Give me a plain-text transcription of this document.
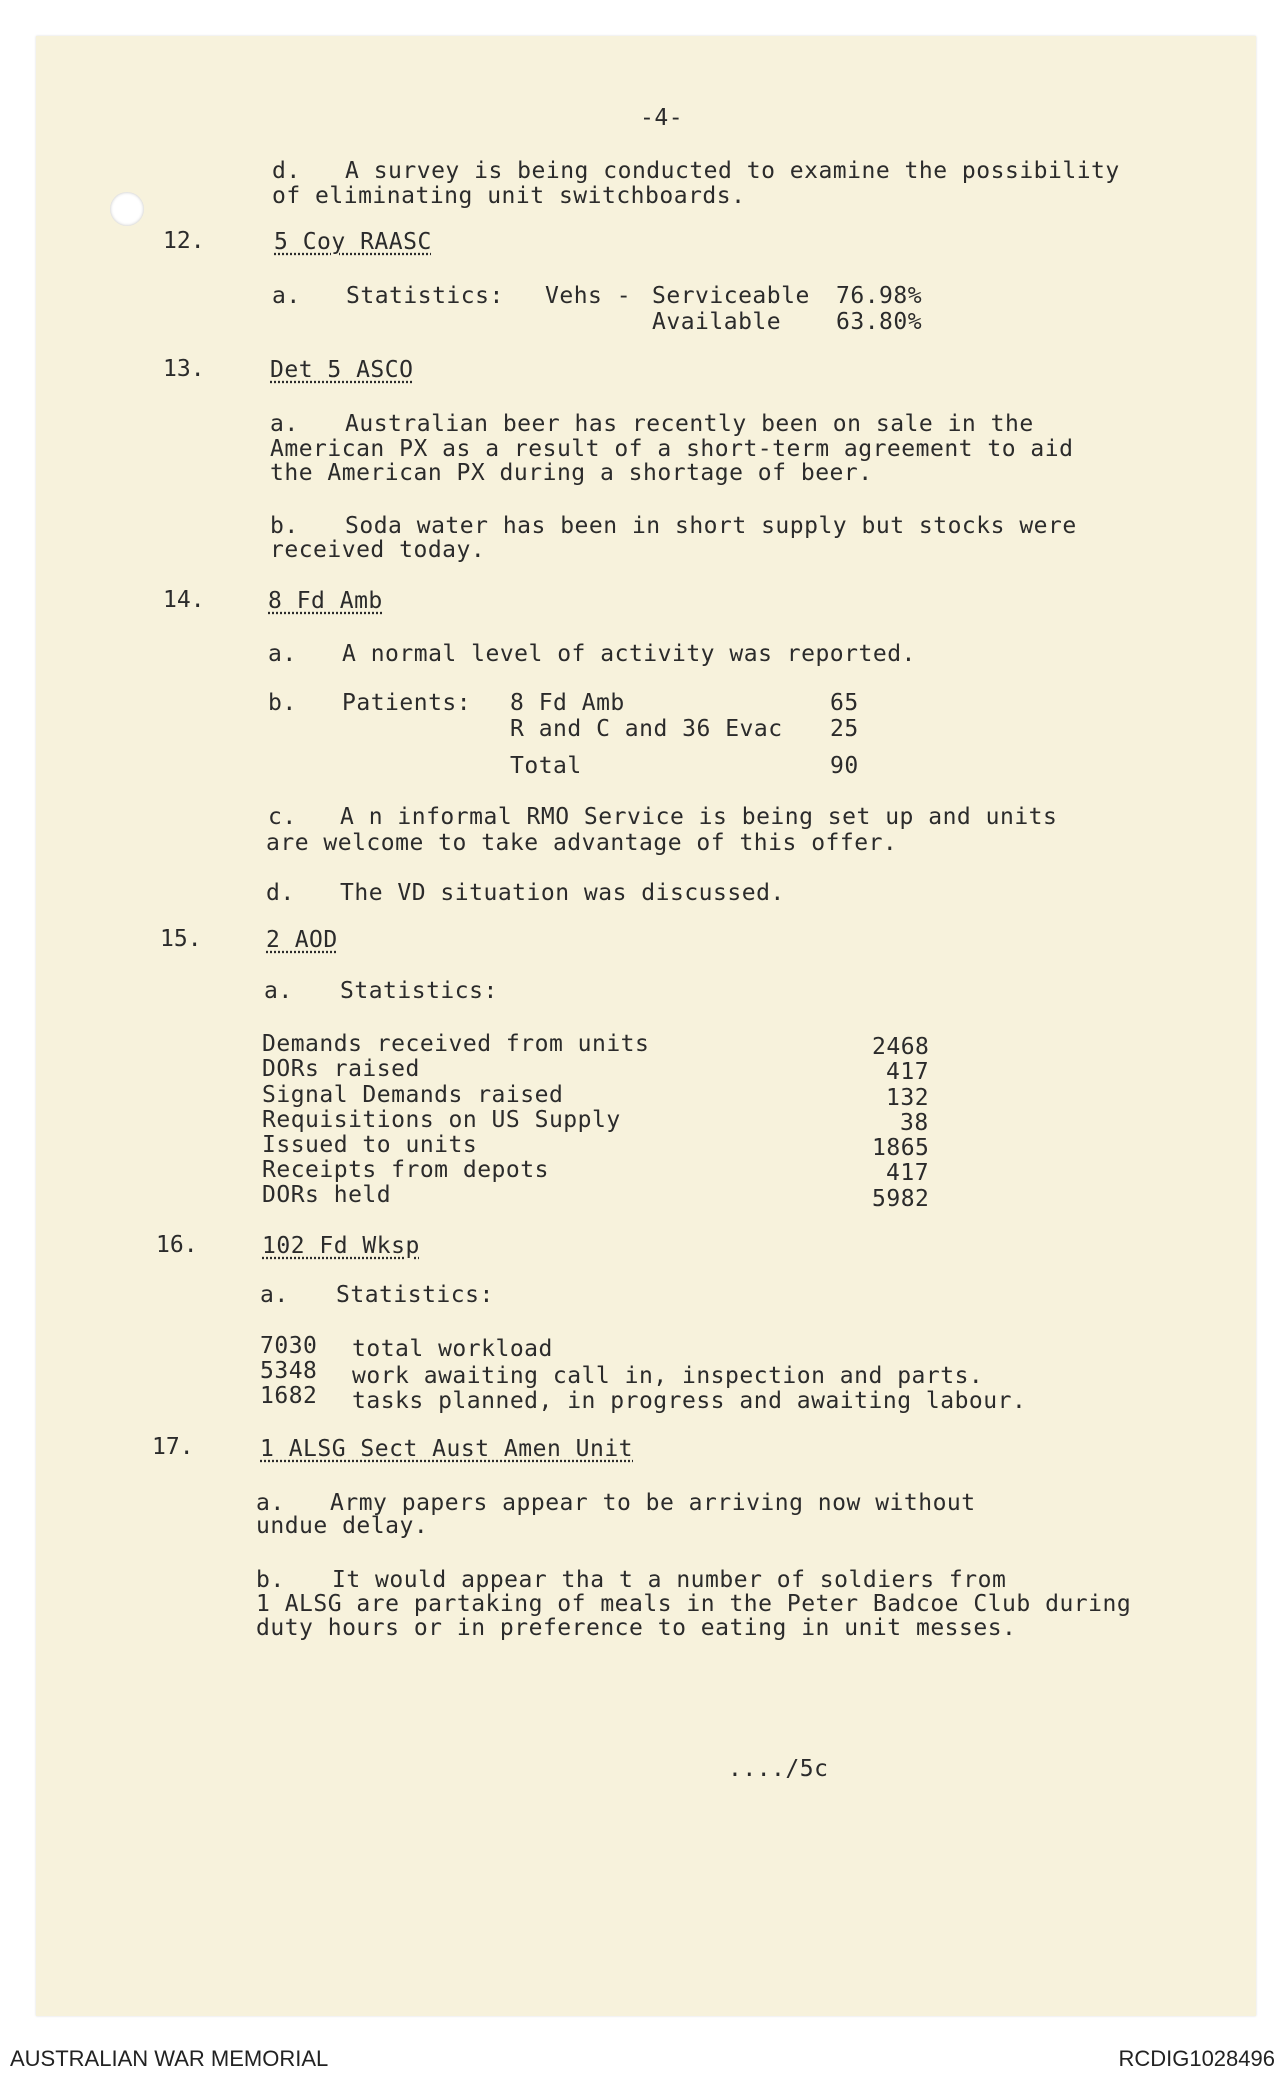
-4-
d. A survey is being conducted to examine the possibility
of eliminating unit switchboards.
12.	5 Coy RAASC
a. Statistics: Vehs - Serviceable 76.98%
Available 63.80%
13.	Det 5 ASCO
a. Australian beer has recently been on sale in the
American PX as a result of a short-term agreement to aid
the American PX during a shortage of beer.
b. Soda water has been in short supply but stocks were
received today.
14.	8 Fd Amb
a. A normal level of activity was reported.
b. Patients: 8 Fd Amb	65
R and C and 36 Evac 25
Total	90
c. A n informal RMO Service is being set up and units
are welcome to take advantage of this offer.
d. The VD situation was discussed.
15.	2 AOD
a. Statistics:
Demands received from units	2468
DORs raised	417
Signal Demands raised	132
Requisitions on US Supply	38
Issued to units	1865
Receipts from depots	417
DORs held	5982
16.	102 Fd Wksp
a. Statistics:
7030 total workload
5348 work awaiting call in, inspection and parts.
1682 tasks planned, in progress and awaiting labour.
17.	1 ALSG Sect Aust Amen Unit
a. Army papers appear to be arriving now without
undue delay.
b. It would appear tha t a number of soldiers from
1 ALSG are partaking of meals in the Peter Badcoe Club during
duty hours or in preference to eating in unit messes.
..../5c
AUSTRALIAN WAR MEMORIAL	RCDIG1028496
